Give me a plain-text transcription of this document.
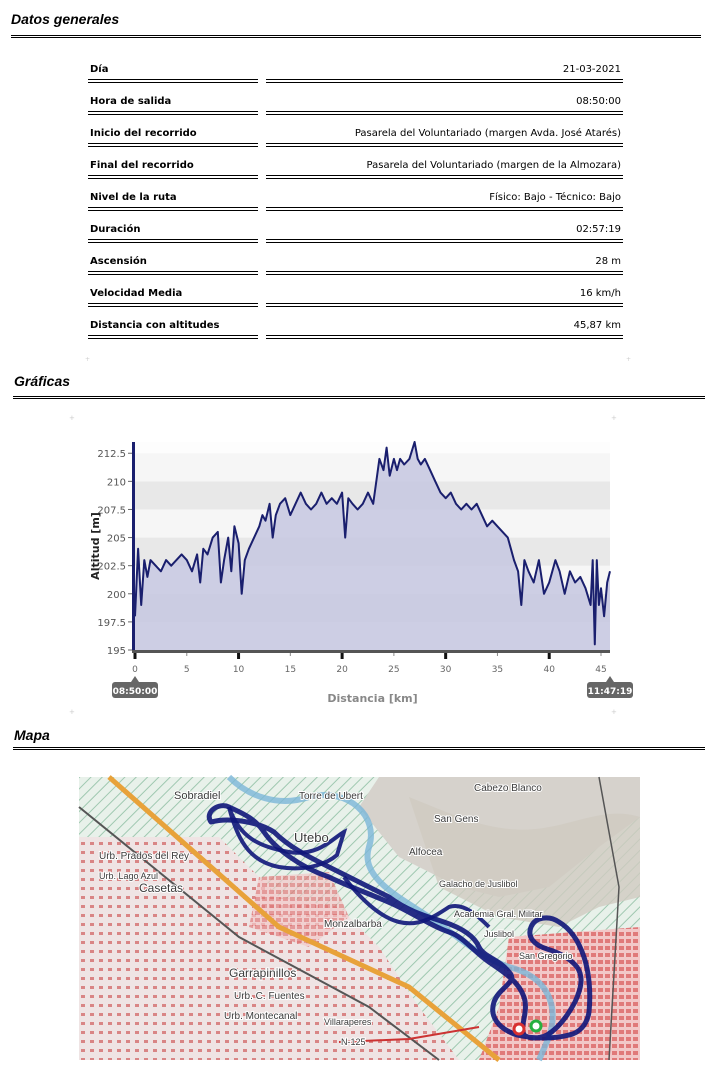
Datos generales
Día	21-03-2021
Hora de salida	08:50:00
Inicio del recorrido	Pasarela del Voluntariado (margen Avda. José Atarés)
Final del recorrido	Pasarela del Voluntariado (margen de la Almozara)
Nivel de la ruta	Físico: Bajo - Técnico: Bajo
Duración	02:57:19
Ascensión	28 m
Velocidad Media	16 km/h
Distancia con altitudes	45,87 km
+	+
Gráficas
195
197.5
200
202.5
205
207.5
210
212.5
0	5	10	15	20	25	30	35	40	45
Altitud [m]
Distancia [km]
08:50:00	11:47:19
+	+
+	+
Mapa
Sobradiel
Utebo
Casetas
Monzalbarba
Garrapinillos
Alfocea
San Gens
Academia Gral. Militar
Juslibol
San Gregorio
Cabezo Blanco
Torre de Ubert
Urb. Prados del Rey
Urb. C. Fuentes
Urb. Montecanal
N-125
Galacho de Juslibol
Villaraperes
Urb. Lago Azul
